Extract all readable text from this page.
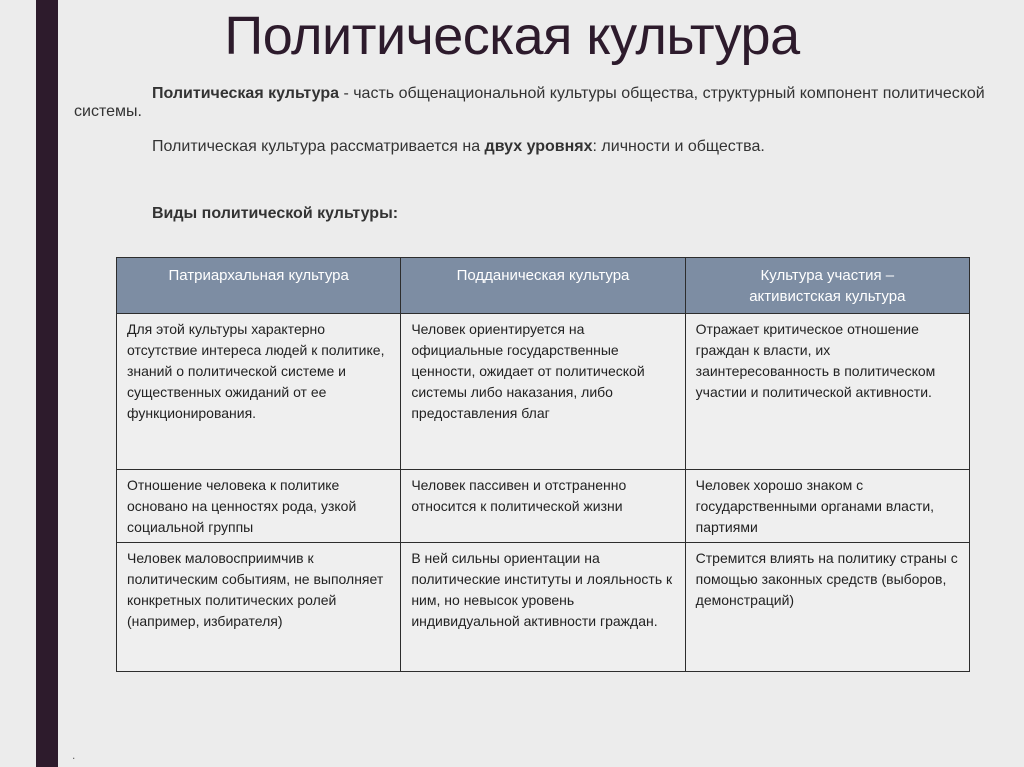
Политическая культура

Политическая культура - часть общенациональной культуры общества, структурный компонент политической системы.

Политическая культура рассматривается на двух уровнях: личности и общества.

Виды политической культуры:

Патриархальная культура	Подданическая культура	Культура участия –
активистская культура
Для этой культуры характерно отсутствие интереса людей к политике, знаний о политической системе и существенных ожиданий от ее функционирования.	Человек ориентируется на официальные государственные ценности, ожидает от политической системы либо наказания, либо предоставления благ	Отражает критическое отношение граждан к власти, их заинтересованность в политическом участии и политической активности.
Отношение человека к политике основано на ценностях рода, узкой социальной группы	Человек пассивен и отстраненно относится к политической жизни	Человек хорошо знаком с государственными органами власти, партиями
Человек маловосприимчив к политическим событиям, не выполняет конкретных политических ролей (например, избирателя)	В ней сильны ориентации на политические институты и лояльность к ним, но невысок уровень индивидуальной активности граждан.	Стремится влиять на политику страны с помощью законных средств (выборов, демонстраций)
.
